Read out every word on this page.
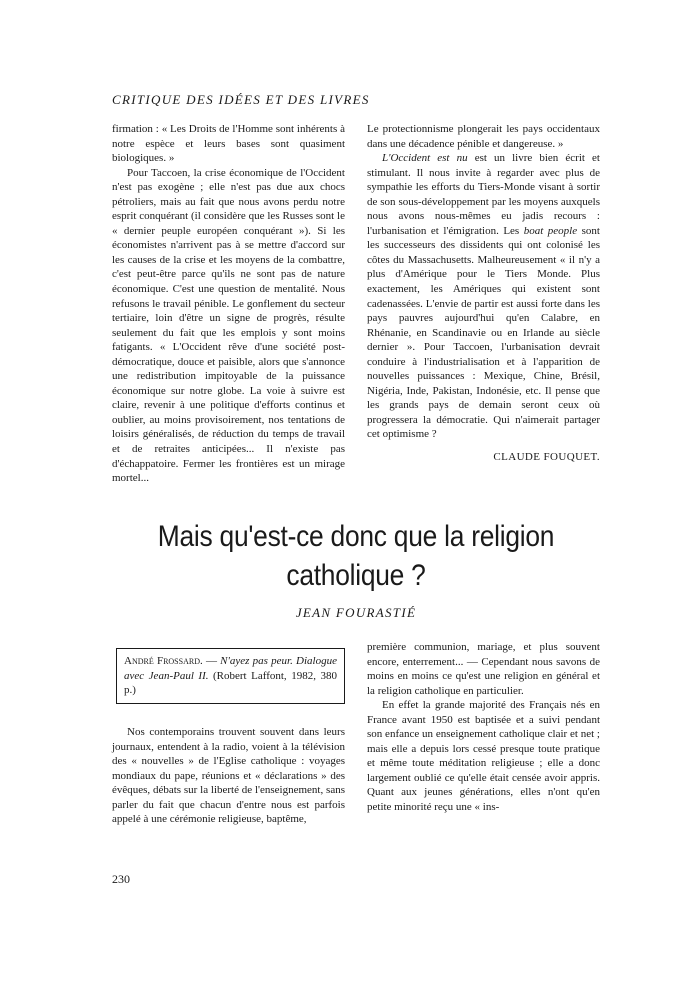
CRITIQUE DES IDÉES ET DES LIVRES

firmation : « Les Droits de l'Homme sont inhérents à notre espèce et leurs bases sont quasiment biologiques. »

Pour Taccoen, la crise économique de l'Occident n'est pas exogène ; elle n'est pas due aux chocs pétroliers, mais au fait que nous avons perdu notre esprit conquérant (il considère que les Russes sont le « dernier peuple européen conquérant »). Si les économistes n'arrivent pas à se mettre d'accord sur les causes de la crise et les moyens de la combattre, c'est peut-être parce qu'ils ne sont pas de nature économique. C'est une question de mentalité. Nous refusons le travail pénible. Le gonflement du secteur tertiaire, loin d'être un signe de progrès, résulte seulement du fait que les emplois y sont moins fatigants. « L'Occident rêve d'une société post-démocratique, douce et paisible, alors que s'annonce une redistribution impitoyable de la puissance économique sur notre globe. La voie à suivre est claire, revenir à une politique d'efforts continus et oublier, au moins provisoirement, nos tentations de loisirs généralisés, de réduction du temps de travail et de retraites anticipées... Il n'existe pas d'échappatoire. Fermer les frontières est un mirage mortel...

Le protectionnisme plongerait les pays occidentaux dans une décadence pénible et dangereuse. »

L'Occident est nu est un livre bien écrit et stimulant. Il nous invite à regarder avec plus de sympathie les efforts du Tiers-Monde visant à sortir de son sous-développement par les moyens auxquels nous avons nous-mêmes eu jadis recours : l'urbanisation et l'émigration. Les boat people sont les successeurs des dissidents qui ont colonisé les côtes du Massachusetts. Malheureusement « il n'y a plus d'Amérique pour le Tiers Monde. Plus exactement, les Amériques qui existent sont cadenassées. L'envie de partir est aussi forte dans les pays pauvres aujourd'hui qu'en Calabre, en Rhénanie, en Scandinavie ou en Irlande au siècle dernier ». Pour Taccoen, l'urbanisation devrait conduire à l'industrialisation et à l'apparition de nouvelles puissances : Mexique, Chine, Brésil, Nigéria, Inde, Pakistan, Indonésie, etc. Il pense que les grands pays de demain seront ceux où progressera la démocratie. Qui n'aimerait partager cet optimisme ?

CLAUDE FOUQUET.

Mais qu'est-ce donc que la religion catholique ?
JEAN FOURASTIÉ
André Frossard. — N'ayez pas peur. Dialogue avec Jean-Paul II. (Robert Laffont, 1982, 380 p.)

Nos contemporains trouvent souvent dans leurs journaux, entendent à la radio, voient à la télévision des « nouvelles » de l'Eglise catholique : voyages mondiaux du pape, réunions et « déclarations » des évêques, débats sur la liberté de l'enseignement, sans parler du fait que chacun d'entre nous est parfois appelé à une cérémonie religieuse, baptême,

première communion, mariage, et plus souvent encore, enterrement... — Cependant nous savons de moins en moins ce qu'est une religion en général et la religion catholique en particulier.

En effet la grande majorité des Français nés en France avant 1950 est baptisée et a suivi pendant son enfance un enseignement catholique clair et net ; mais elle a depuis lors cessé presque toute pratique et même toute méditation religieuse ; elle a donc largement oublié ce qu'elle était censée avoir appris. Quant aux jeunes générations, elles n'ont qu'en petite minorité reçu une « ins-

230
